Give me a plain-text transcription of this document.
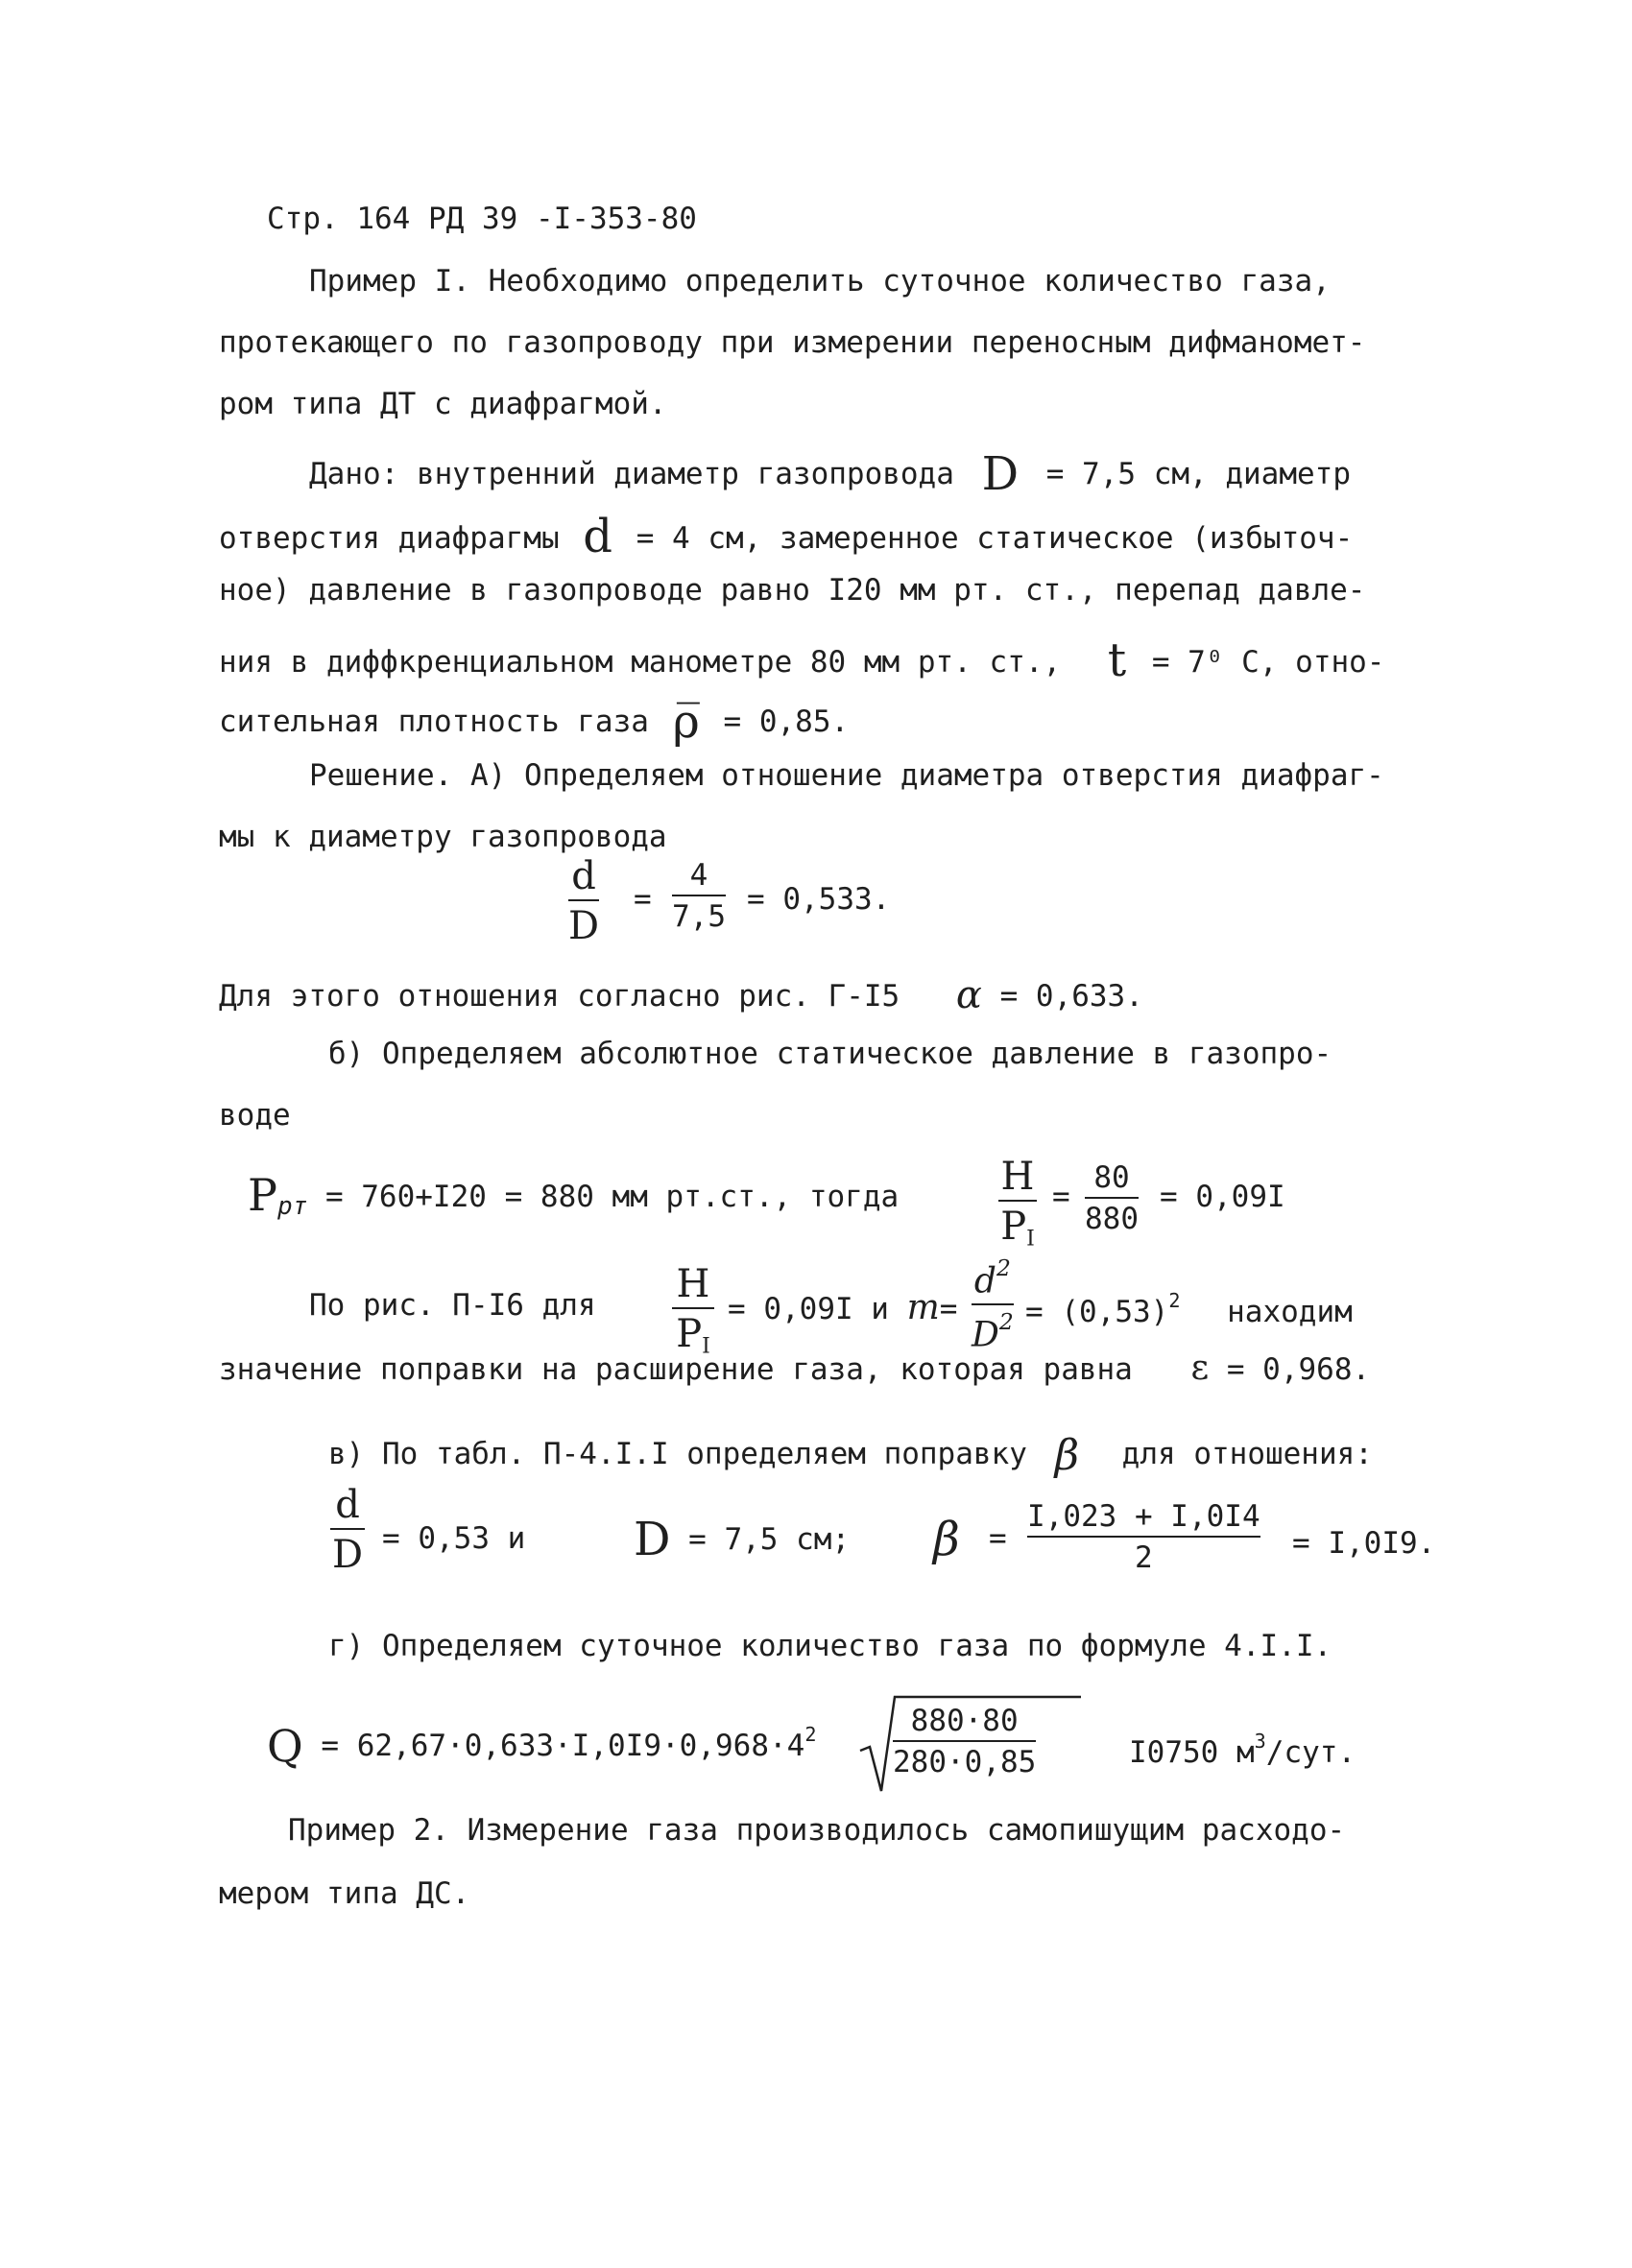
Стр. 164 РД 39 -I-353-80
Пример I. Необходимо определить суточное количество газа,
протекающего по газопроводу при измерении переносным дифманомет-
ром типа ДТ с диафрагмой.
Дано: внутренний диаметр газопровода D = 7,5 см, диаметр
отверстия диафрагмы d = 4 см, замеренное статическое (избыточ-
ное) давление в газопроводе равно I20 мм рт. ст., перепад давле-
ния в диффкренциальном манометре 80 мм рт. ст., t = 7⁰ С, отно-
сительная плотность газа ρ̅ = 0,85.
Решение. А) Определяем отношение диаметра отверстия диафраг-
мы к диаметру газопровода
d
D
=
4
7,5 = 0,533.
Для этого отношения согласно рис. Г-I5 α = 0,633.
б) Определяем абсолютное статическое давление в газопро-
воде
$P_{рт} = 760+I20 = 880$ мм рт.ст., тогда	H
$P_I$
=
80
880
= 0,09I
По рис. П-I6 для H
$P_I$
= 0,09I и m=
$d^2$
$D^2 = (0,53)^2$ находим
значение поправки на расширение газа, которая равна ε = 0,968.
в) По табл. П-4.I.I определяем поправку β для отношения:
d
D = 0,53 и D = 7,5 см; β =
I,023 + I,0I4
2	= I,0I9.
г) Определяем суточное количество газа по формуле 4.I.I.
$Q = 62,67\cdot 0,633\cdot I,0I9\cdot 0,968\cdot 4^2$	880·80
280·0,85	I0750 $м^3$/сут.
Пример 2. Измерение газа производилось самопишущим расходо-
мером типа ДС.
